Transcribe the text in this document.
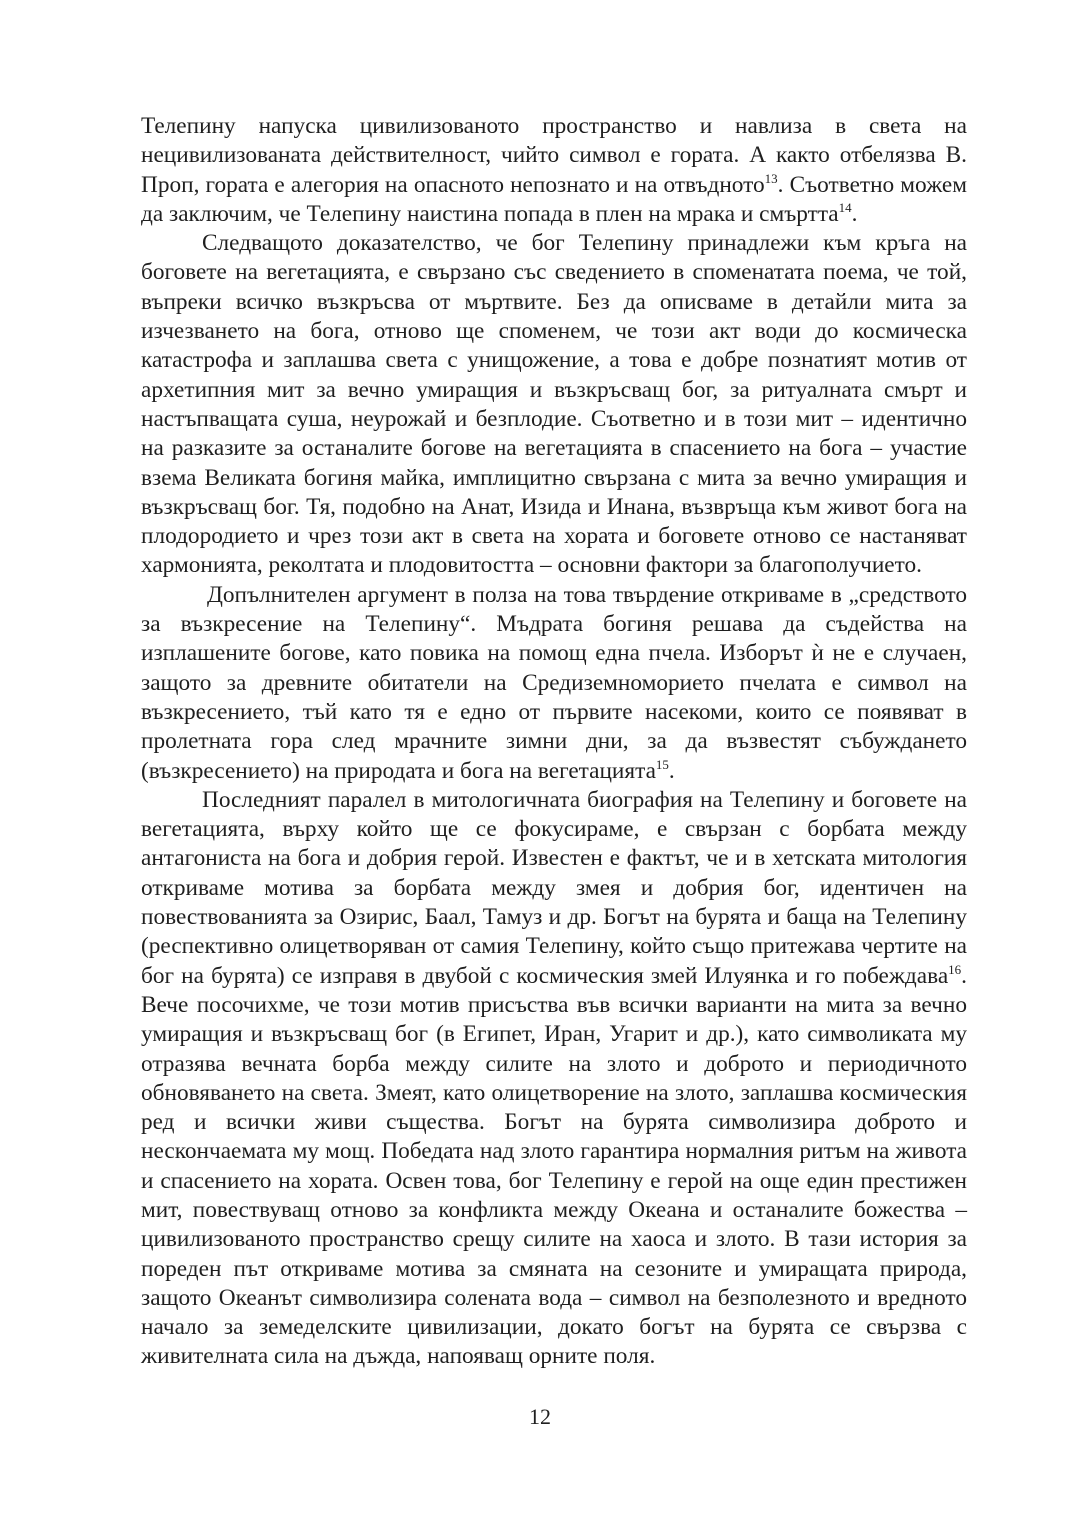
Телепину напуска цивилизованото пространство и навлиза в света на нецивилизованата действителност, чийто символ е гората. А както отбелязва В. Проп, гората е алегория на опасното непознато и на отвъдното$^{13}$. Съответно можем да заключим, че Телепину наистина попада в плен на мрака и смъртта$^{14}$.

Следващото доказателство, че бог Телепину принадлежи към кръга на боговете на вегетацията, е свързано със сведението в споменатата поема, че той, въпреки всичко възкръсва от мъртвите. Без да описваме в детайли мита за изчезването на бога, отново ще споменем, че този акт води до космическа катастрофа и заплашва света с унищожение, а това е добре познатият мотив от архетипния мит за вечно умиращия и възкръсващ бог, за ритуалната смърт и настъпващата суша, неурожай и безплодие. Съответно и в този мит – идентично на разказите за останалите богове на вегетацията в спасението на бога – участие взема Великата богиня майка, имплицитно свързана с мита за вечно умиращия и възкръсващ бог. Тя, подобно на Анат, Изида и Инана, възвръща към живот бога на плодородието и чрез този акт в света на хората и боговете отново се настаняват хармонията, реколтата и плодовитостта – основни фактори за благополучието.

Допълнителен аргумент в полза на това твърдение откриваме в „средството за възкресение на Телепину“. Мъдрата богиня решава да съдейства на изплашените богове, като повика на помощ една пчела. Изборът ѝ не е случаен, защото за древните обитатели на Средиземноморието пчелата е символ на възкресението, тъй като тя е едно от първите насекоми, които се появяват в пролетната гора след мрачните зимни дни, за да възвестят събуждането (възкресението) на природата и бога на вегетацията$^{15}$.

Последният паралел в митологичната биография на Телепину и боговете на вегетацията, върху който ще се фокусираме, е свързан с борбата между антагониста на бога и добрия герой. Известен е фактът, че и в хетската митология откриваме мотива за борбата между змея и добрия бог, идентичен на повествованията за Озирис, Баал, Тамуз и др. Богът на бурята и баща на Телепину (респективно олицетворяван от самия Телепину, който също притежава чертите на бог на бурята) се изправя в двубой с космическия змей Илуянка и го побеждава$^{16}$. Вече посочихме, че този мотив присъства във всички варианти на мита за вечно умиращия и възкръсващ бог (в Египет, Иран, Угарит и др.), като символиката му отразява вечната борба между силите на злото и доброто и периодичното обновяването на света. Змеят, като олицетворение на злото, заплашва космическия ред и всички живи същества. Богът на бурята символизира доброто и нескончаемата му мощ. Победата над злото гарантира нормалния ритъм на живота и спасението на хората. Освен това, бог Телепину е герой на още един престижен мит, повествуващ отново за конфликта между Океана и останалите божества – цивилизованото пространство срещу силите на хаоса и злото. В тази история за пореден път откриваме мотива за смяната на сезоните и умиращата природа, защото Океанът символизира солената вода – символ на безполезното и вредното начало за земеделските цивилизации, докато богът на бурята се свързва с живителната сила на дъжда, напояващ орните поля.

12
